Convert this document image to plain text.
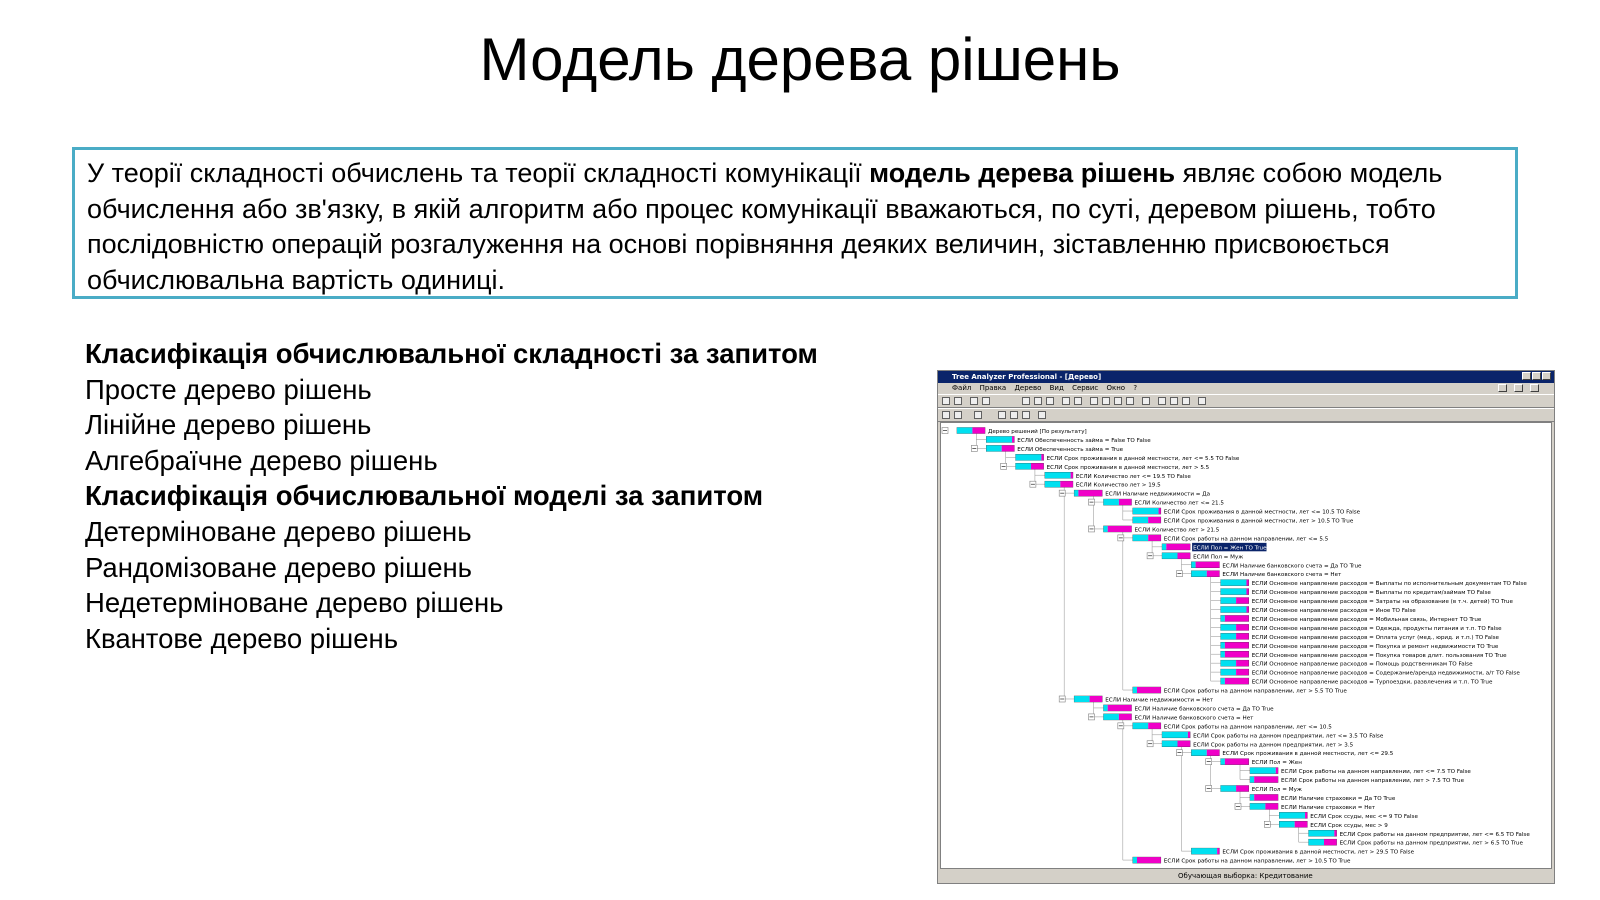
Модель дерева рішень
У теорії складності обчислень та теорії складності комунікації модель дерева рішень являє собою модель обчислення або зв'язку, в якій алгоритм або процес комунікації вважаються, по суті, деревом рішень, тобто послідовністю операцій розгалуження на основі порівняння деяких величин, зіставленню присвоюється обчислювальна вартість одиниці.
Класифікація обчислювальної складності за запитом
Просте дерево рішень
Лінійне дерево рішень
Алгебраїчне дерево рішень
Класифікація обчислювальної моделі за запитом
Детерміноване дерево рішень
Рандомізоване дерево рішень
Недетерміноване дерево рішень
Квантове дерево рішень
Tree Analyzer Professional - [Дерево]
Файл Правка Дерево Вид Сервис Окно ?
Дерево решений [По результату]
ЕСЛИ Обеспеченность займа = False ТО False
ЕСЛИ Обеспеченность займа = True
ЕСЛИ Срок проживания в данной местности, лет <= 5.5 ТО False
ЕСЛИ Срок проживания в данной местности, лет > 5.5
ЕСЛИ Количество лет <= 19.5 ТО False
ЕСЛИ Количество лет > 19.5
ЕСЛИ Наличие недвижимости = Да
ЕСЛИ Количество лет <= 21.5
ЕСЛИ Срок проживания в данной местности, лет <= 10.5 ТО False
ЕСЛИ Срок проживания в данной местности, лет > 10.5 ТО True
ЕСЛИ Количество лет > 21.5
ЕСЛИ Срок работы на данном направлении, лет <= 5.5
ЕСЛИ Пол = Жен ТО True
ЕСЛИ Пол = Муж
ЕСЛИ Наличие банковского счета = Да ТО True
ЕСЛИ Наличие банковского счета = Нет
ЕСЛИ Основное направление расходов = Выплаты по исполнительным документам ТО False
ЕСЛИ Основное направление расходов = Выплаты по кредитам/займам ТО False
ЕСЛИ Основное направление расходов = Затраты на образование (в т.ч. детей) ТО True
ЕСЛИ Основное направление расходов = Иное ТО False
ЕСЛИ Основное направление расходов = Мобильная связь, Интернет ТО True
ЕСЛИ Основное направление расходов = Одежда, продукты питания и т.п. ТО False
ЕСЛИ Основное направление расходов = Оплата услуг (мед., юрид. и т.п.) ТО False
ЕСЛИ Основное направление расходов = Покупка и ремонт недвижимости ТО True
ЕСЛИ Основное направление расходов = Покупка товаров длит. пользования ТО True
ЕСЛИ Основное направление расходов = Помощь родственникам ТО False
ЕСЛИ Основное направление расходов = Содержание/аренда недвижимости, а/т ТО False
ЕСЛИ Основное направление расходов = Турпоездки, развлечения и т.п. ТО True
ЕСЛИ Срок работы на данном направлении, лет > 5.5 ТО True
ЕСЛИ Наличие недвижимости = Нет
ЕСЛИ Наличие банковского счета = Да ТО True
ЕСЛИ Наличие банковского счета = Нет
ЕСЛИ Срок работы на данном направлении, лет <= 10.5
ЕСЛИ Срок работы на данном предприятии, лет <= 3.5 ТО False
ЕСЛИ Срок работы на данном предприятии, лет > 3.5
ЕСЛИ Срок проживания в данной местности, лет <= 29.5
ЕСЛИ Пол = Жен
ЕСЛИ Срок работы на данном направлении, лет <= 7.5 ТО False
ЕСЛИ Срок работы на данном направлении, лет > 7.5 ТО True
ЕСЛИ Пол = Муж
ЕСЛИ Наличие страховки = Да ТО True
ЕСЛИ Наличие страховки = Нет
ЕСЛИ Срок ссуды, мес <= 9 ТО False
ЕСЛИ Срок ссуды, мес > 9
ЕСЛИ Срок работы на данном предприятии, лет <= 6.5 ТО False
ЕСЛИ Срок работы на данном предприятии, лет > 6.5 ТО True
ЕСЛИ Срок проживания в данной местности, лет > 29.5 ТО False
ЕСЛИ Срок работы на данном направлении, лет > 10.5 ТО True
Обучающая выборка: Кредитование
